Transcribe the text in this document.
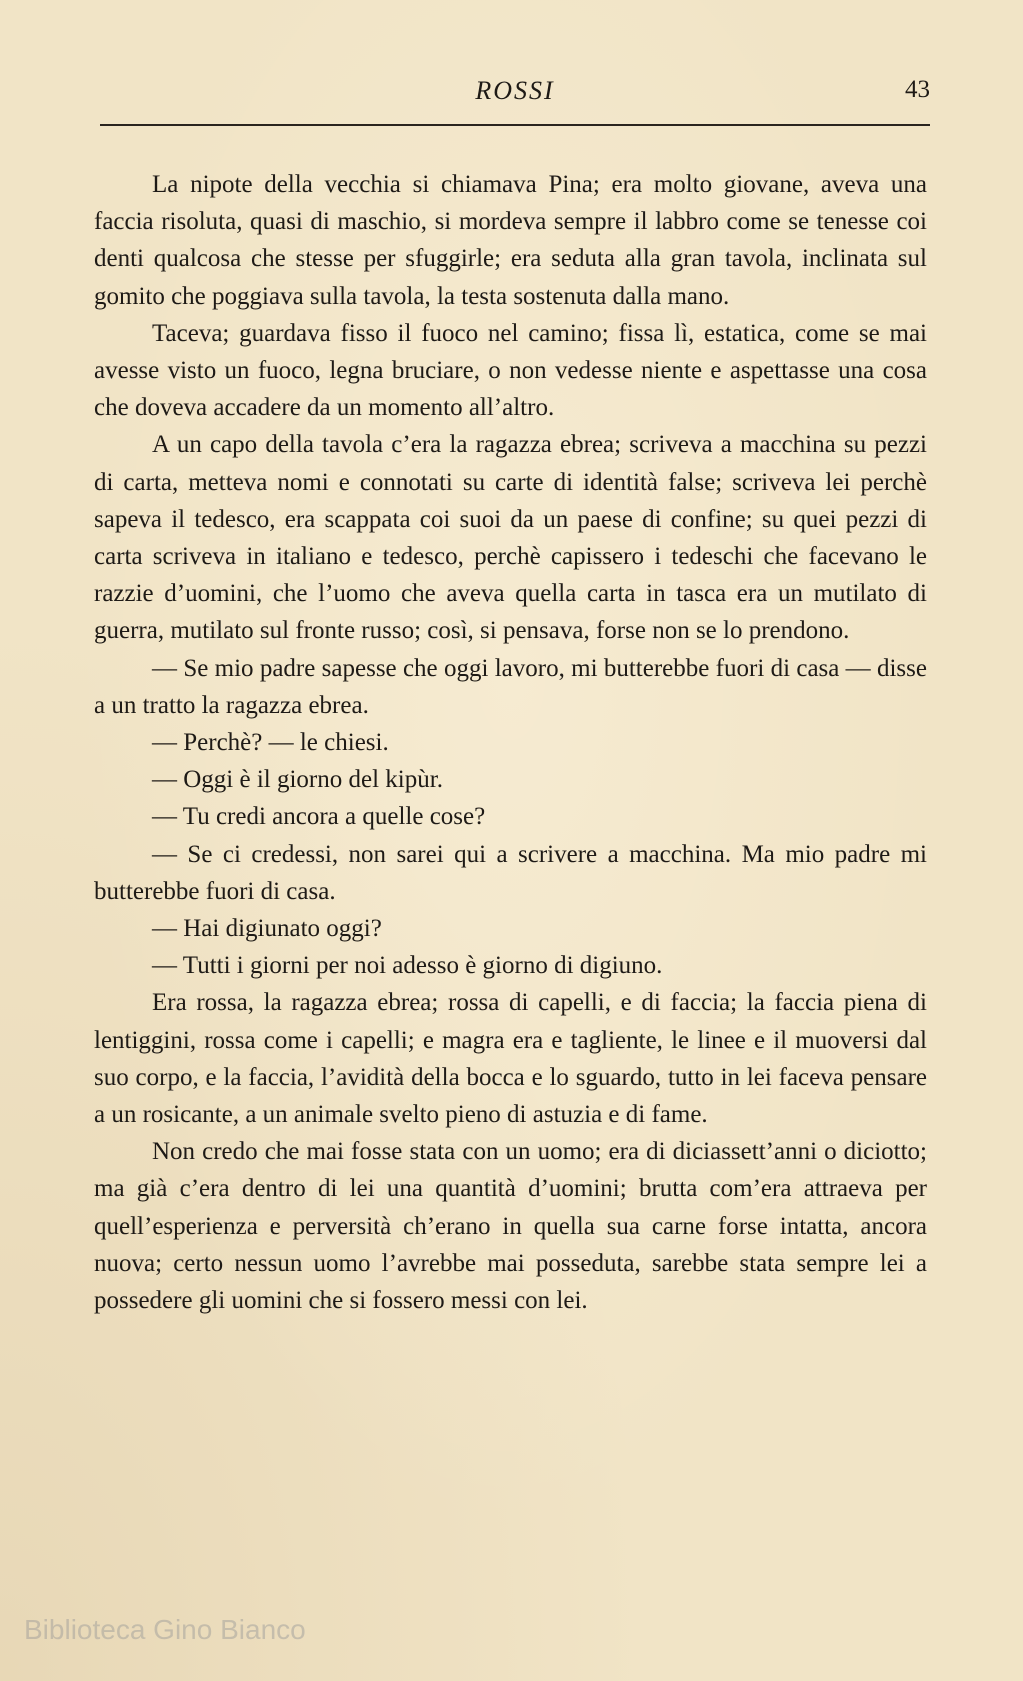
ROSSI	43

La nipote della vecchia si chiamava Pina; era molto giovane, aveva una faccia risoluta, quasi di maschio, si mordeva sempre il labbro come se tenesse coi denti qualcosa che stesse per sfuggirle; era seduta alla gran tavola, inclinata sul gomito che poggiava sulla tavola, la testa sostenuta dalla mano.

Taceva; guardava fisso il fuoco nel camino; fissa lì, estatica, come se mai avesse visto un fuoco, legna bruciare, o non vedesse niente e aspettasse una cosa che doveva accadere da un momento all’altro.

A un capo della tavola c’era la ragazza ebrea; scriveva a macchina su pezzi di carta, metteva nomi e connotati su carte di identità false; scriveva lei perchè sapeva il tedesco, era scappata coi suoi da un paese di confine; su quei pezzi di carta scriveva in italiano e tedesco, perchè capissero i tedeschi che facevano le razzie d’uomini, che l’uomo che aveva quella carta in tasca era un mutilato di guerra, mutilato sul fronte russo; così, si pensava, forse non se lo prendono.

— Se mio padre sapesse che oggi lavoro, mi butterebbe fuori di casa — disse a un tratto la ragazza ebrea.

— Perchè? — le chiesi.

— Oggi è il giorno del kipùr.

— Tu credi ancora a quelle cose?

— Se ci credessi, non sarei qui a scrivere a macchina. Ma mio padre mi butterebbe fuori di casa.

— Hai digiunato oggi?

— Tutti i giorni per noi adesso è giorno di digiuno.

Era rossa, la ragazza ebrea; rossa di capelli, e di faccia; la faccia piena di lentiggini, rossa come i capelli; e magra era e tagliente, le linee e il muoversi dal suo corpo, e la faccia, l’avidità della bocca e lo sguardo, tutto in lei faceva pensare a un rosicante, a un animale svelto pieno di astuzia e di fame.

Non credo che mai fosse stata con un uomo; era di diciassett’anni o diciotto; ma già c’era dentro di lei una quantità d’uomini; brutta com’era attraeva per quell’esperienza e perversità ch’erano in quella sua carne forse intatta, ancora nuova; certo nessun uomo l’avrebbe mai posseduta, sarebbe stata sempre lei a possedere gli uomini che si fossero messi con lei.

Biblioteca Gino Bianco
